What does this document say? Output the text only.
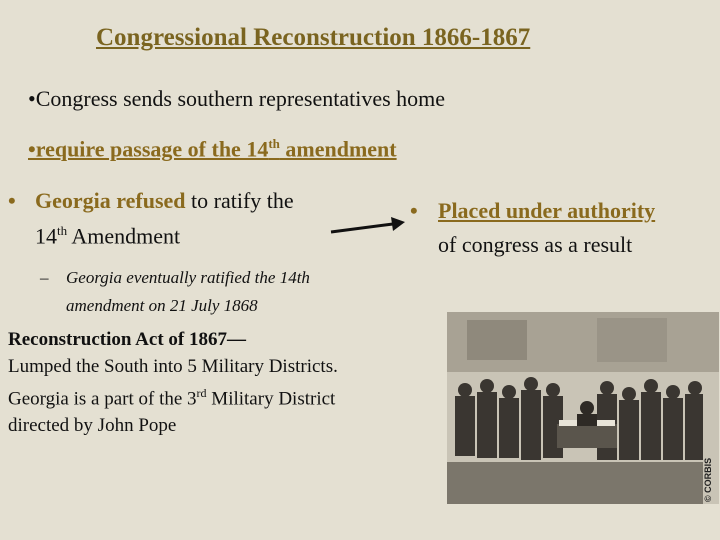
Congressional Reconstruction 1866-1867
•Congress sends southern representatives home
•require passage of the 14th amendment
• Georgia refused to ratify the
14th Amendment
• Placed under authority
of congress as a result
– Georgia eventually ratified the 14th amendment on 21 July 1868
Reconstruction Act of 1867—
Lumped the South into 5 Military Districts.
Georgia is a part of the 3rd Military District
directed by John Pope
© CORBIS
